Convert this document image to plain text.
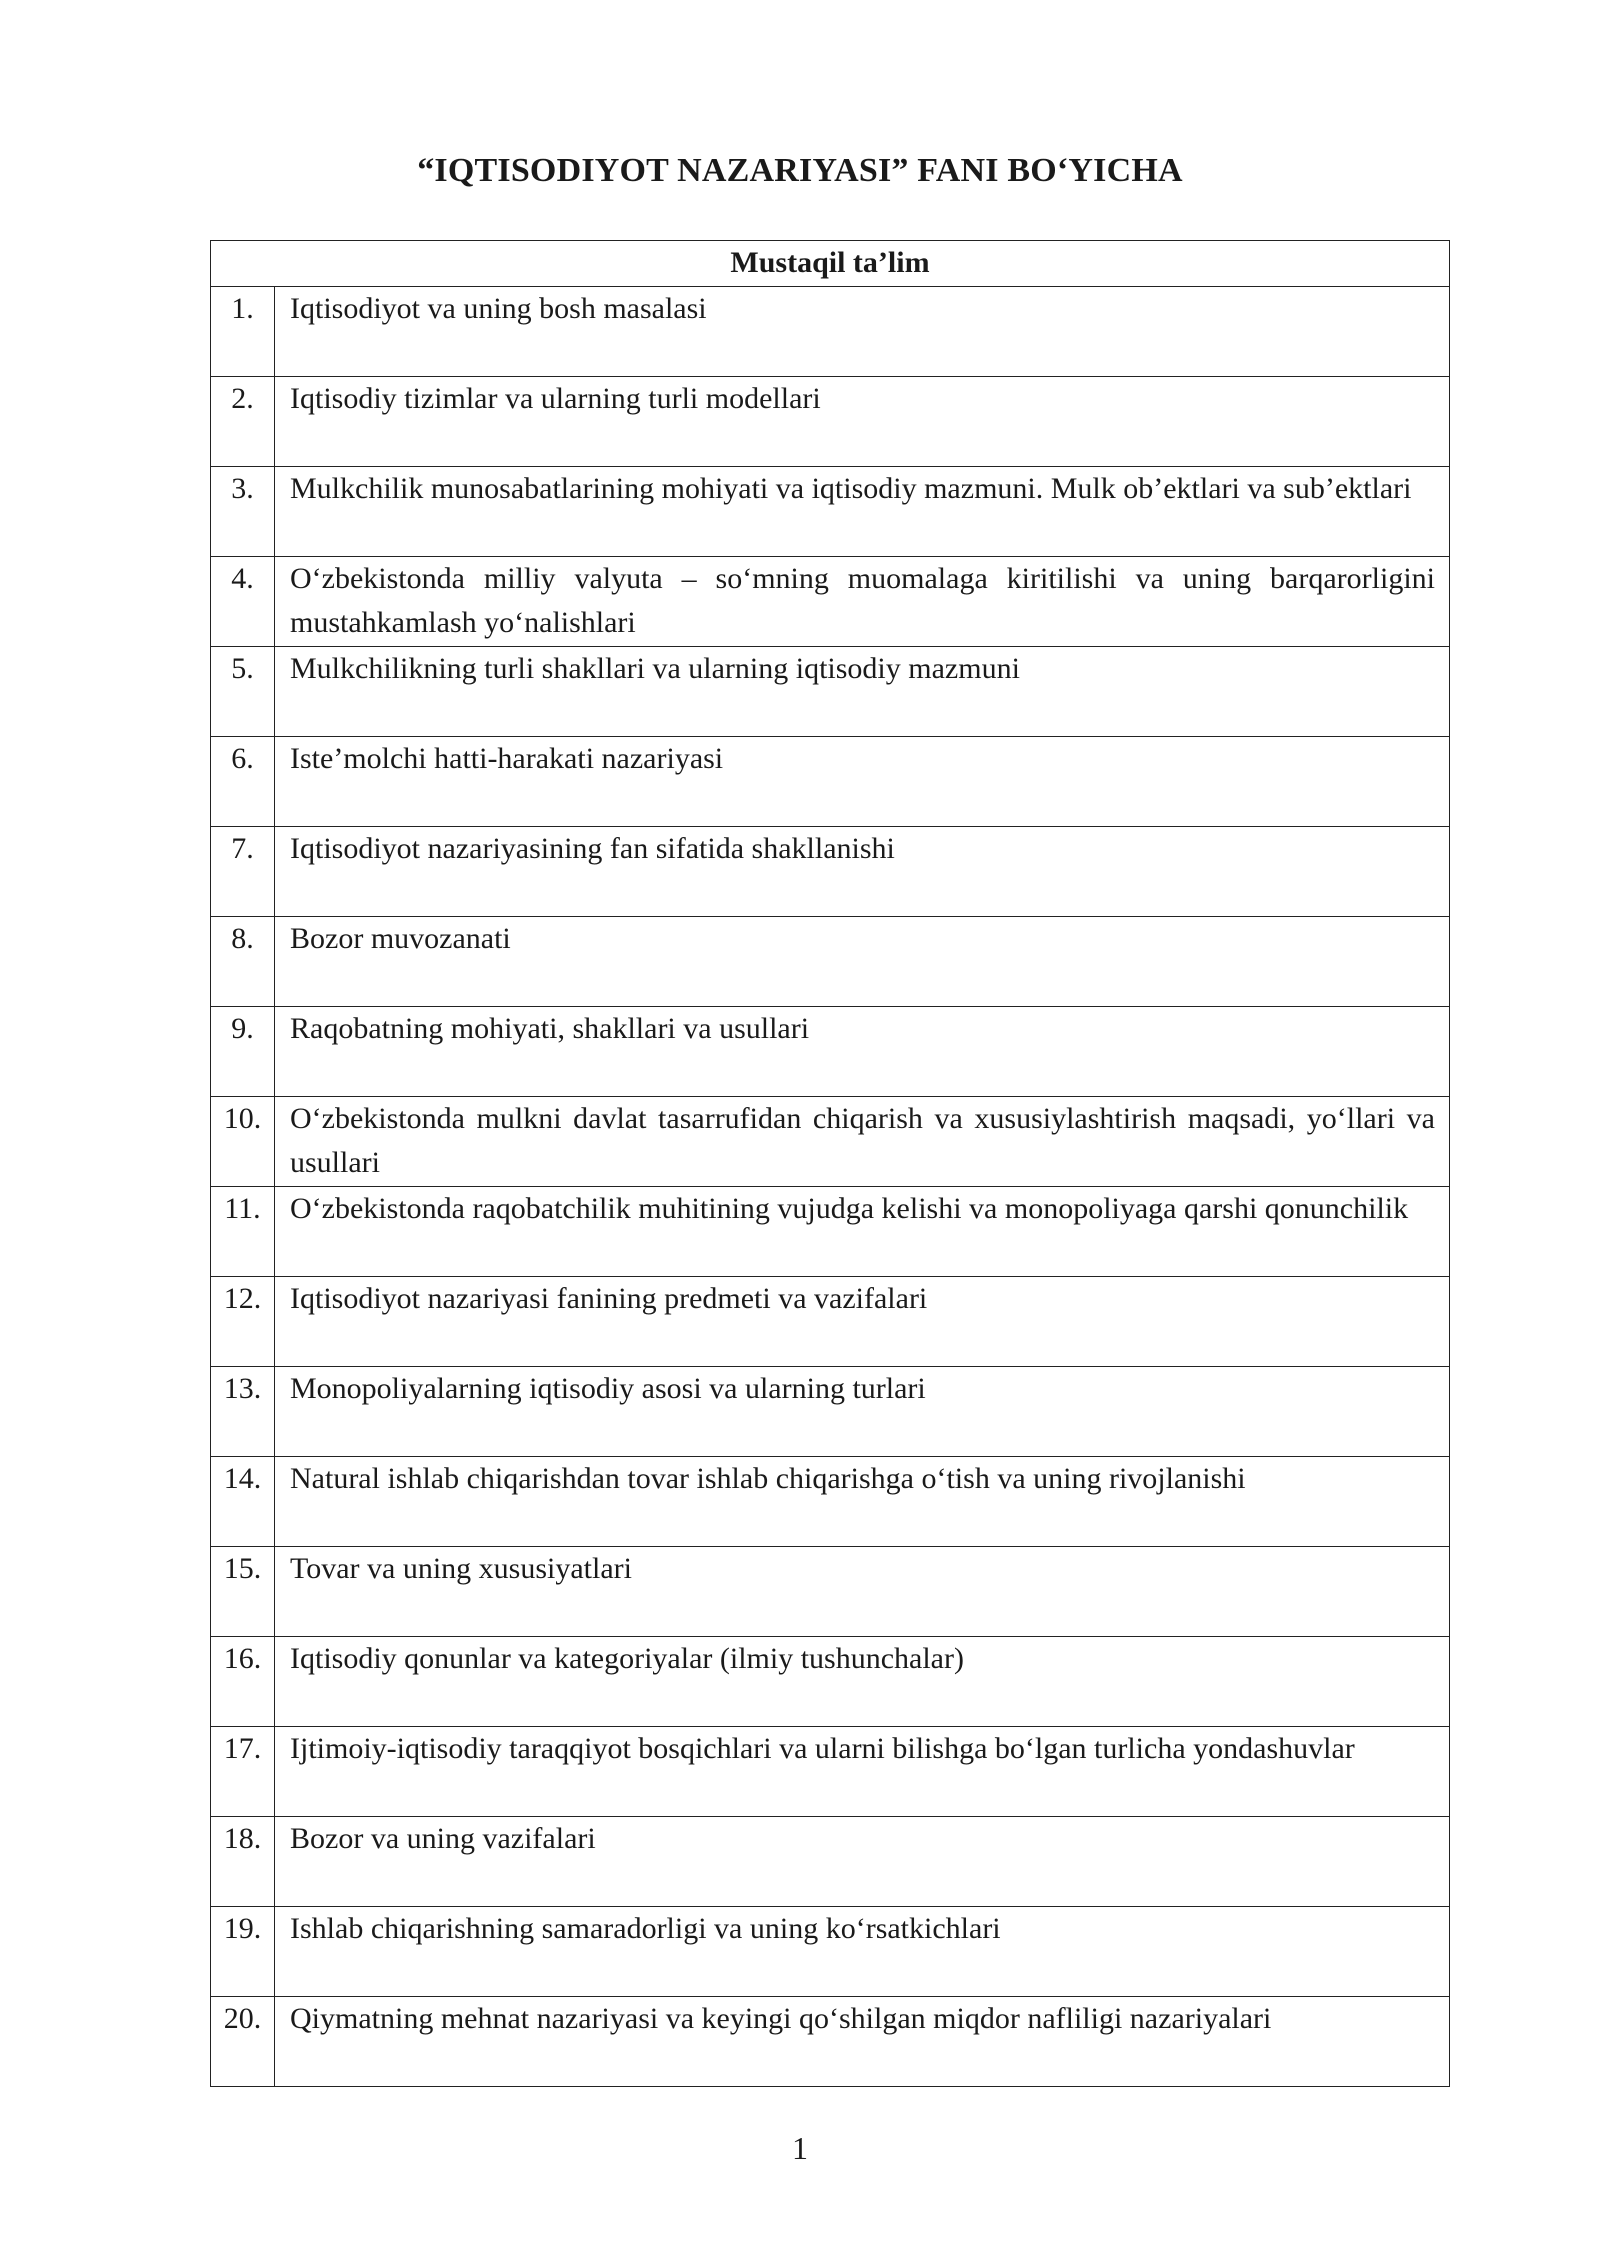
“IQTISODIYOT NAZARIYASI” FANI BO‘YICHA
Mustaqil ta’lim	
1.	Iqtisodiyot va uning bosh masalasi
2.	Iqtisodiy tizimlar va ularning turli modellari
3.	Mulkchilik munosabatlarining mohiyati va iqtisodiy mazmuni. Mulk ob’ektlari va sub’ektlari
4.	O‘zbekistonda milliy valyuta – so‘mning muomalaga kiritilishi va uning barqarorligini mustahkamlash yo‘nalishlari
5.	Mulkchilikning turli shakllari va ularning iqtisodiy mazmuni
6.	Iste’molchi hatti-harakati nazariyasi
7.	Iqtisodiyot nazariyasining fan sifatida shakllanishi
8.	Bozor muvozanati
9.	Raqobatning mohiyati, shakllari va usullari
10.	O‘zbekistonda mulkni davlat tasarrufidan chiqarish va xususiylashtirish maqsadi, yo‘llari va usullari
11.	O‘zbekistonda raqobatchilik muhitining vujudga kelishi va monopoliyaga qarshi qonunchilik
12.	Iqtisodiyot nazariyasi fanining predmeti va vazifalari
13.	Monopoliyalarning iqtisodiy asosi va ularning turlari
14.	Natural ishlab chiqarishdan tovar ishlab chiqarishga o‘tish va uning rivojlanishi
15.	Tovar va uning xususiyatlari
16.	Iqtisodiy qonunlar va kategoriyalar (ilmiy tushunchalar)
17.	Ijtimoiy-iqtisodiy taraqqiyot bosqichlari va ularni bilishga bo‘lgan turlicha yondashuvlar
18.	Bozor va uning vazifalari
19.	Ishlab chiqarishning samaradorligi va uning ko‘rsatkichlari
20.	Qiymatning mehnat nazariyasi va keyingi qo‘shilgan miqdor nafliligi nazariyalari
1
